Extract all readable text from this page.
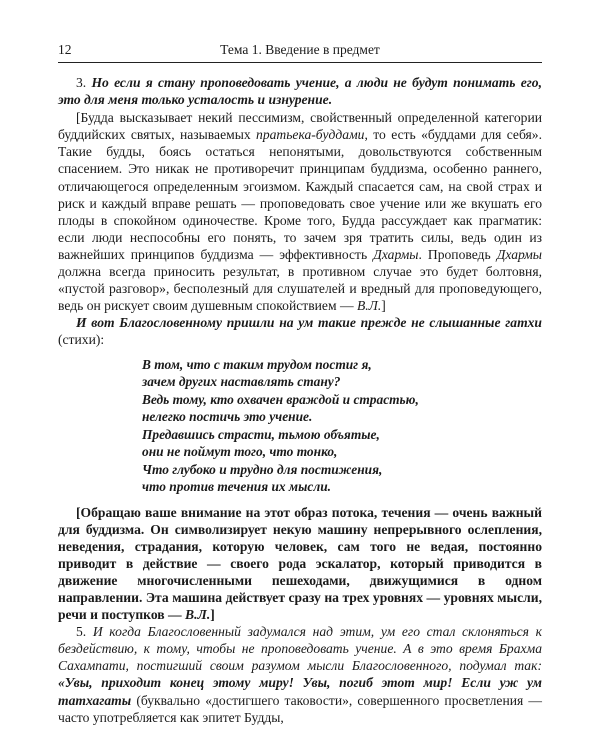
12	Тема 1. Введение в предмет

3. Но если я стану проповедовать учение, а люди не будут понимать его, это для меня только усталость и изнурение.

[Будда высказывает некий пессимизм, свойственный определенной категории буддийских святых, называемых пратьека-буддами, то есть «буддами для себя». Такие будды, боясь остаться непонятыми, довольствуются собственным спасением. Это никак не противоречит принципам буддизма, особенно раннего, отличающегося определенным эгоизмом. Каждый спасается сам, на свой страх и риск и каждый вправе решать — проповедовать свое учение или же вкушать его плоды в спокойном одиночестве. Кроме того, Будда рассуждает как прагматик: если люди неспособны его понять, то зачем зря тратить силы, ведь один из важнейших принципов буддизма — эффективность Дхармы. Проповедь Дхармы должна всегда приносить результат, в противном случае это будет болтовня, «пустой разговор», бесполезный для слушателей и вредный для проповедующего, ведь он рискует своим душевным спокойствием — В.Л.]

И вот Благословенному пришли на ум такие прежде не слышанные гатхи (стихи):

В том, что с таким трудом постиг я,
зачем других наставлять стану?
Ведь тому, кто охвачен враждой и страстью,
нелегко постичь это учение.
Предавшись страсти, тьмою объятые,
они не поймут того, что тонко,
Что глубоко и трудно для постижения,
что против течения их мысли.

[Обращаю ваше внимание на этот образ потока, течения — очень важный для буддизма. Он символизирует некую машину непрерывного ослепления, неведения, страдания, которую человек, сам того не ведая, постоянно приводит в действие — своего рода эскалатор, который приводится в движение многочисленными пешеходами, движущимися в одном направлении. Эта машина действует сразу на трех уровнях — уровнях мысли, речи и поступков — В.Л.]

5. И когда Благословенный задумался над этим, ум его стал склоняться к бездействию, к тому, чтобы не проповедовать учение. А в это время Брахма Сахампати, постигший своим разумом мысли Благословенного, подумал так: «Увы, приходит конец этому миру! Увы, погиб этот мир! Если уж ум татхагаты (буквально «достигшего таковости», совершенного просветления — часто употребляется как эпитет Будды,
